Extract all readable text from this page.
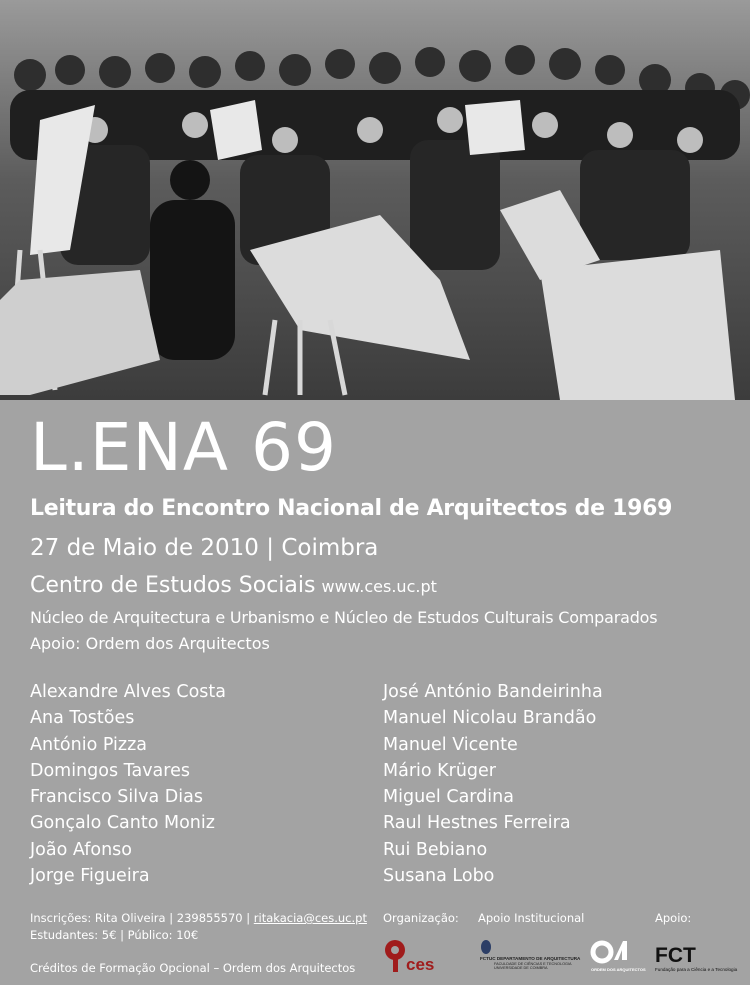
L.ENA 69
Leitura do Encontro Nacional de Arquitectos de 1969
27 de Maio de 2010 | Coimbra
Centro de Estudos Sociais www.ces.uc.pt
Núcleo de Arquitectura e Urbanismo e Núcleo de Estudos Culturais Comparados
Apoio: Ordem dos Arquitectos
Alexandre Alves Costa
Ana Tostões
António Pizza
Domingos Tavares
Francisco Silva Dias
Gonçalo Canto Moniz
João Afonso
Jorge Figueira
José António Bandeirinha
Manuel Nicolau Brandão
Manuel Vicente
Mário Krüger
Miguel Cardina
Raul Hestnes Ferreira
Rui Bebiano
Susana Lobo
Inscrições: Rita Oliveira | 239855570 | ritakacia@ces.uc.pt
Estudantes: 5€ | Público: 10€
Créditos de Formação Opcional – Ordem dos Arquitectos
Organização: Apoio Institucional	Apoio:
ces	FCTUC DEPARTAMENTO DE ARQUITECTURA
FACULDADE DE CIÊNCIAS E TECNOLOGIA
UNIVERSIDADE DE COIMBRA	ORDEM DOS ARQUITECTOS
FCT
Fundação para a Ciência e a Tecnologia
